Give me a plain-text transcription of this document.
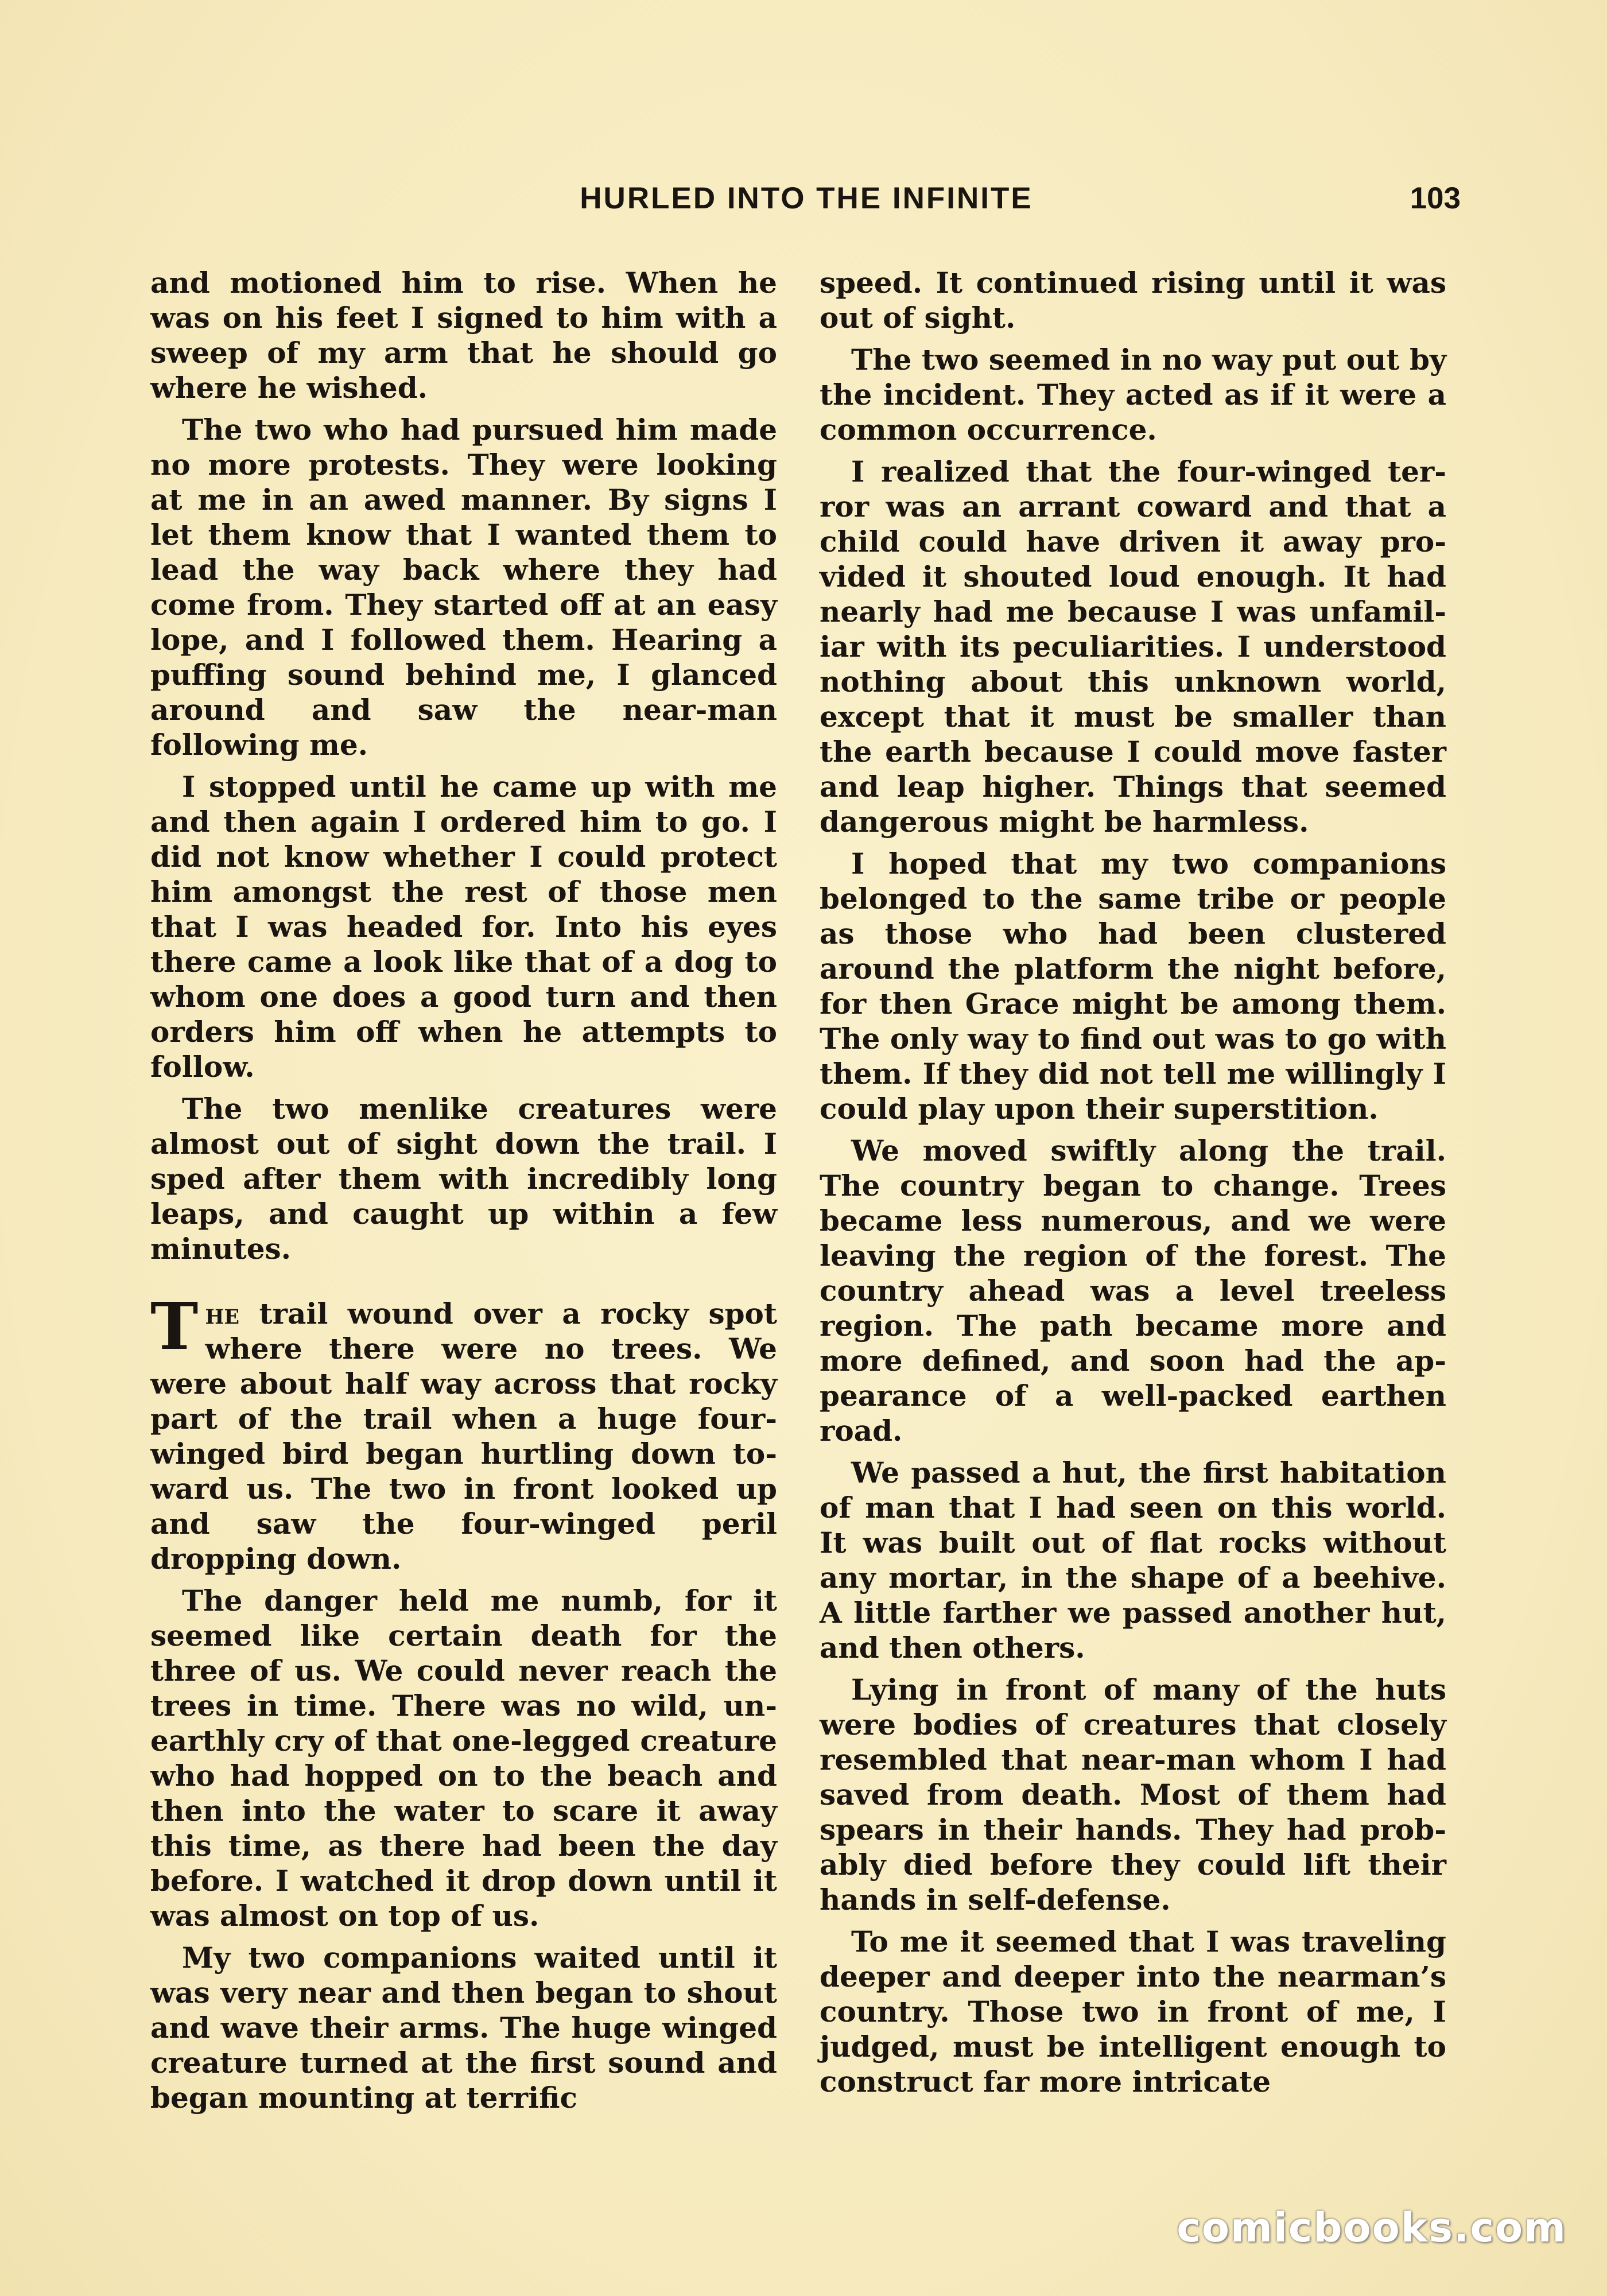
HURLED INTO THE INFINITE	103

and motioned him to rise. When he was on his feet I signed to him with a sweep of my arm that he should go where he wished.

The two who had pursued him made no more protests. They were looking at me in an awed manner. By signs I let them know that I wanted them to lead the way back where they had come from. They started off at an easy lope, and I followed them. Hearing a puffing sound behind me, I glanced around and saw the near-man following me.

I stopped until he came up with me and then again I ordered him to go. I did not know whether I could protect him amongst the rest of those men that I was headed for. Into his eyes there came a look like that of a dog to whom one does a good turn and then orders him off when he attempts to follow.

The two menlike creatures were almost out of sight down the trail. I sped after them with incredibly long leaps, and caught up within a few minutes.

The trail wound over a rocky spot where there were no trees. We were about half way across that rocky part of the trail when a huge four-winged bird began hurtling down toward us. The two in front looked up and saw the four-winged peril dropping down.

The danger held me numb, for it seemed like certain death for the three of us. We could never reach the trees in time. There was no wild, unearthly cry of that one-legged creature who had hopped on to the beach and then into the water to scare it away this time, as there had been the day before. I watched it drop down until it was almost on top of us.

My two companions waited until it was very near and then began to shout and wave their arms. The huge winged creature turned at the first sound and began mounting at terrific

speed. It continued rising until it was out of sight.

The two seemed in no way put out by the incident. They acted as if it were a common occurrence.

I realized that the four-winged terror was an arrant coward and that a child could have driven it away provided it shouted loud enough. It had nearly had me because I was unfamiliar with its peculiarities. I understood nothing about this unknown world, except that it must be smaller than the earth because I could move faster and leap higher. Things that seemed dangerous might be harmless.

I hoped that my two companions belonged to the same tribe or people as those who had been clustered around the platform the night before, for then Grace might be among them. The only way to find out was to go with them. If they did not tell me willingly I could play upon their superstition.

We moved swiftly along the trail. The country began to change. Trees became less numerous, and we were leaving the region of the forest. The country ahead was a level treeless region. The path became more and more defined, and soon had the appearance of a well-packed earthen road.

We passed a hut, the first habitation of man that I had seen on this world. It was built out of flat rocks without any mortar, in the shape of a beehive. A little farther we passed another hut, and then others.

Lying in front of many of the huts were bodies of creatures that closely resembled that near-man whom I had saved from death. Most of them had spears in their hands. They had probably died before they could lift their hands in self-defense.

To me it seemed that I was traveling deeper and deeper into the nearman’s country. Those two in front of me, I judged, must be intelligent enough to construct far more intricate

comicbooks.com
